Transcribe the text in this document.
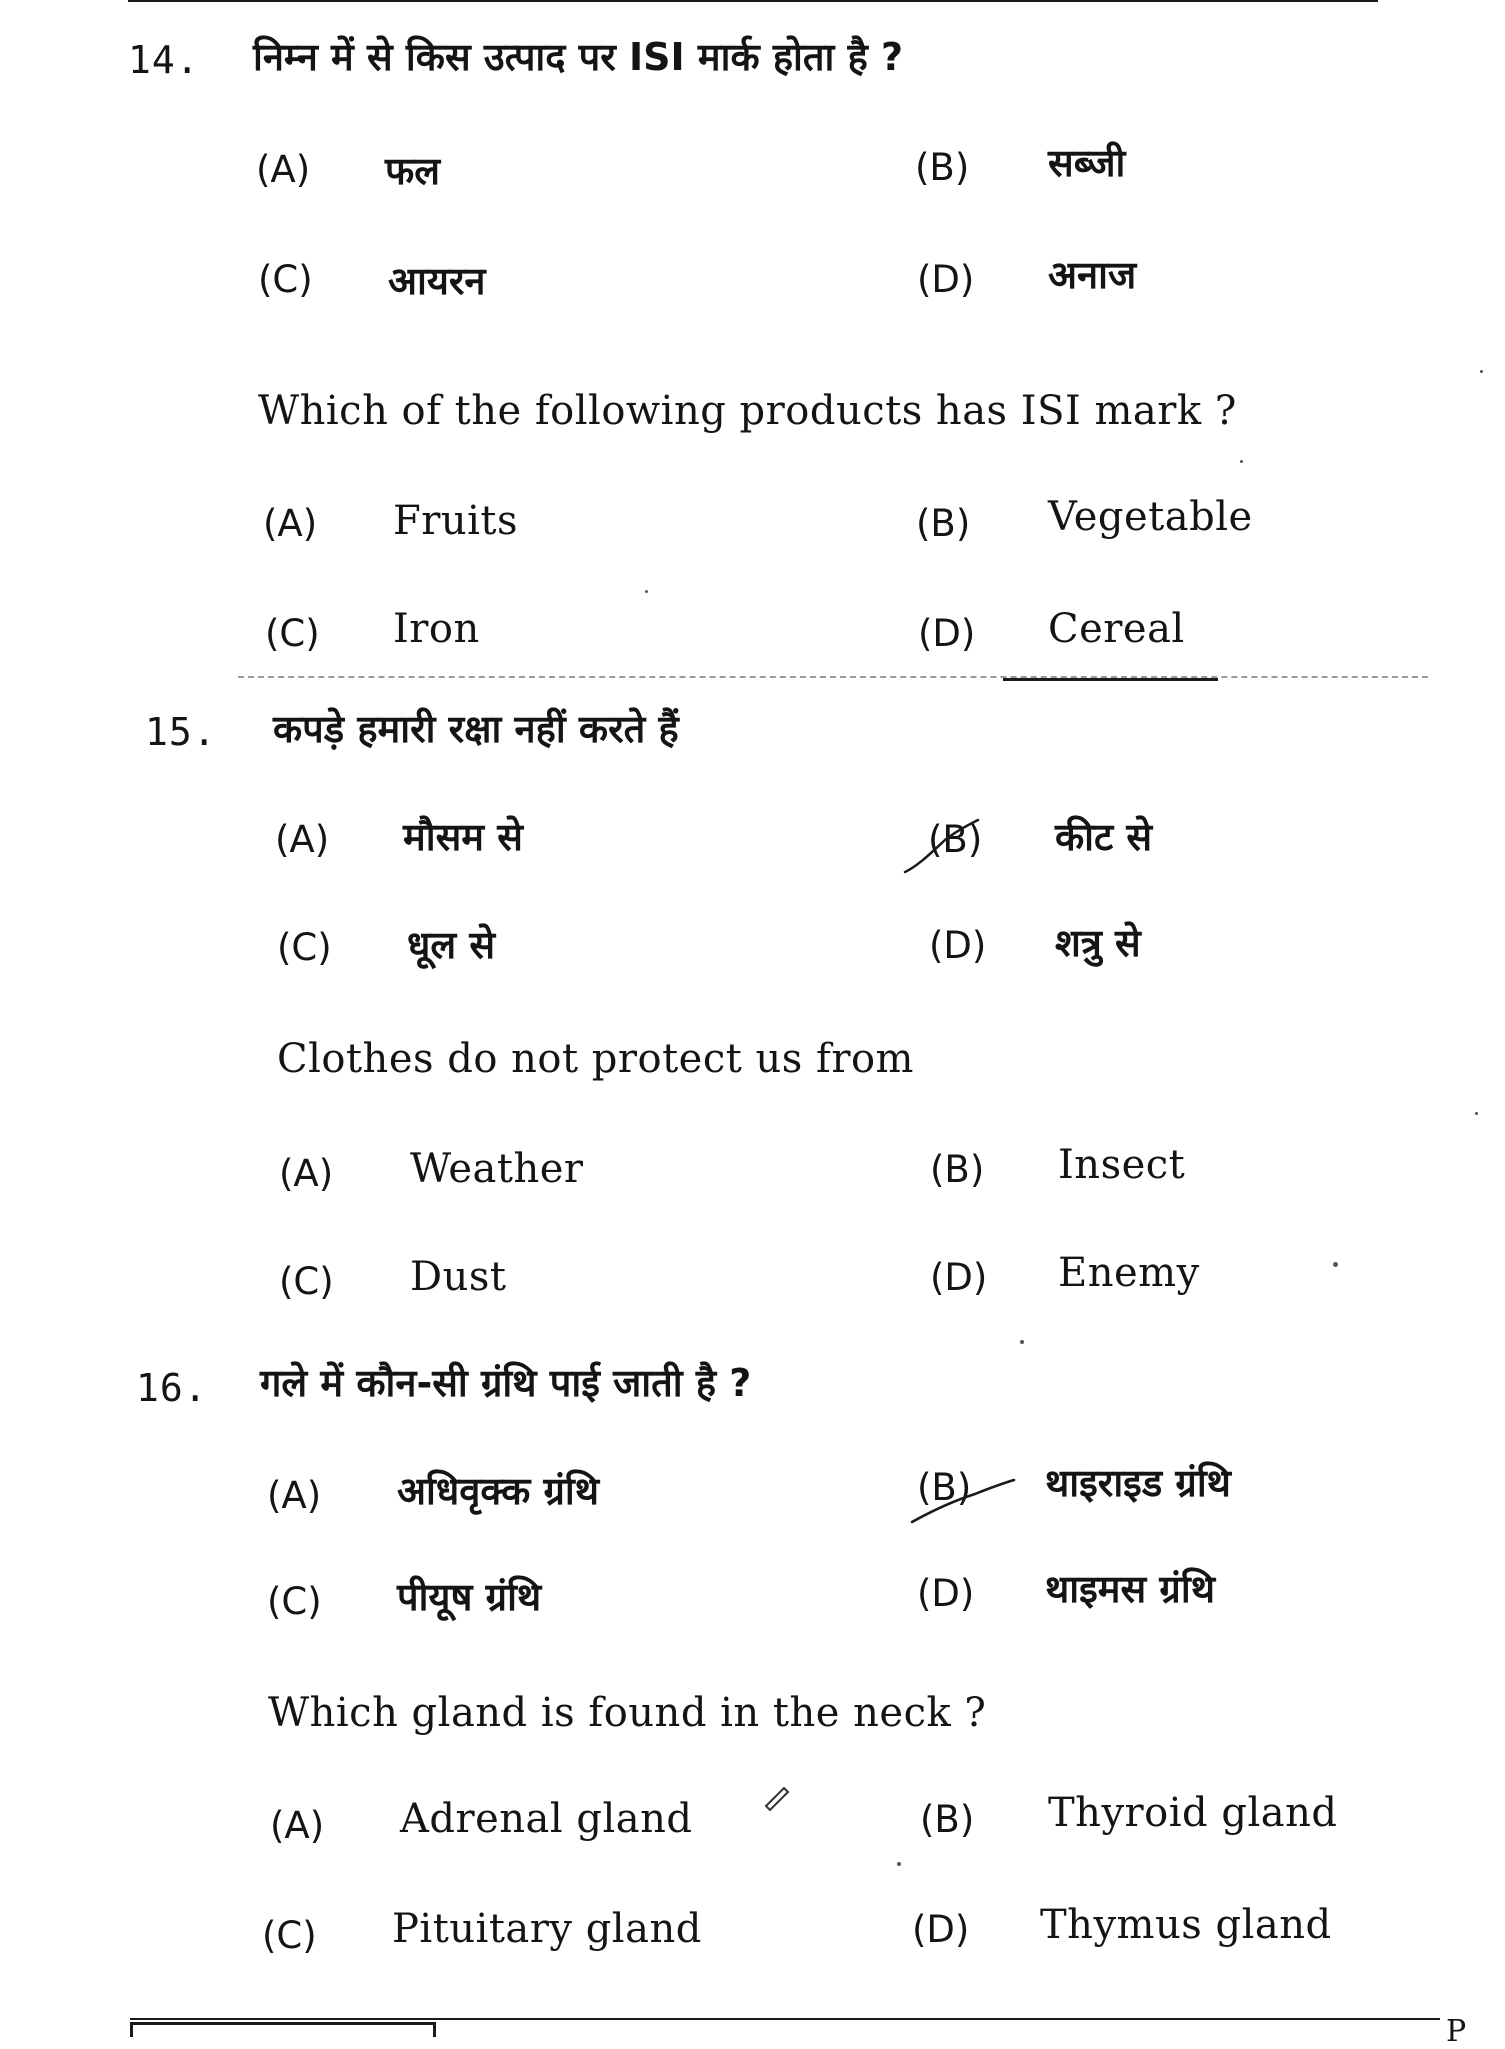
14. निम्न में से किस उत्पाद पर ISI मार्क होता है ?
(A) फल	(B) सब्जी
(C) आयरन	(D) अनाज
Which of the following products has ISI mark ?
(A) Fruits	(B) Vegetable
(C) Iron	(D) Cereal
15. कपड़े हमारी रक्षा नहीं करते हैं
(A) मौसम से	(B) कीट से
(C) धूल से	(D) शत्रु से
Clothes do not protect us from
(A) Weather	(B) Insect
(C) Dust	(D) Enemy
16. गले में कौन-सी ग्रंथि पाई जाती है ?
(A) अधिवृक्क ग्रंथि	(B) थाइराइड ग्रंथि
(C) पीयूष ग्रंथि	(D) थाइमस ग्रंथि
Which gland is found in the neck ?
(A) Adrenal gland	(B) Thyroid gland
(C) Pituitary gland	(D) Thymus gland
P
